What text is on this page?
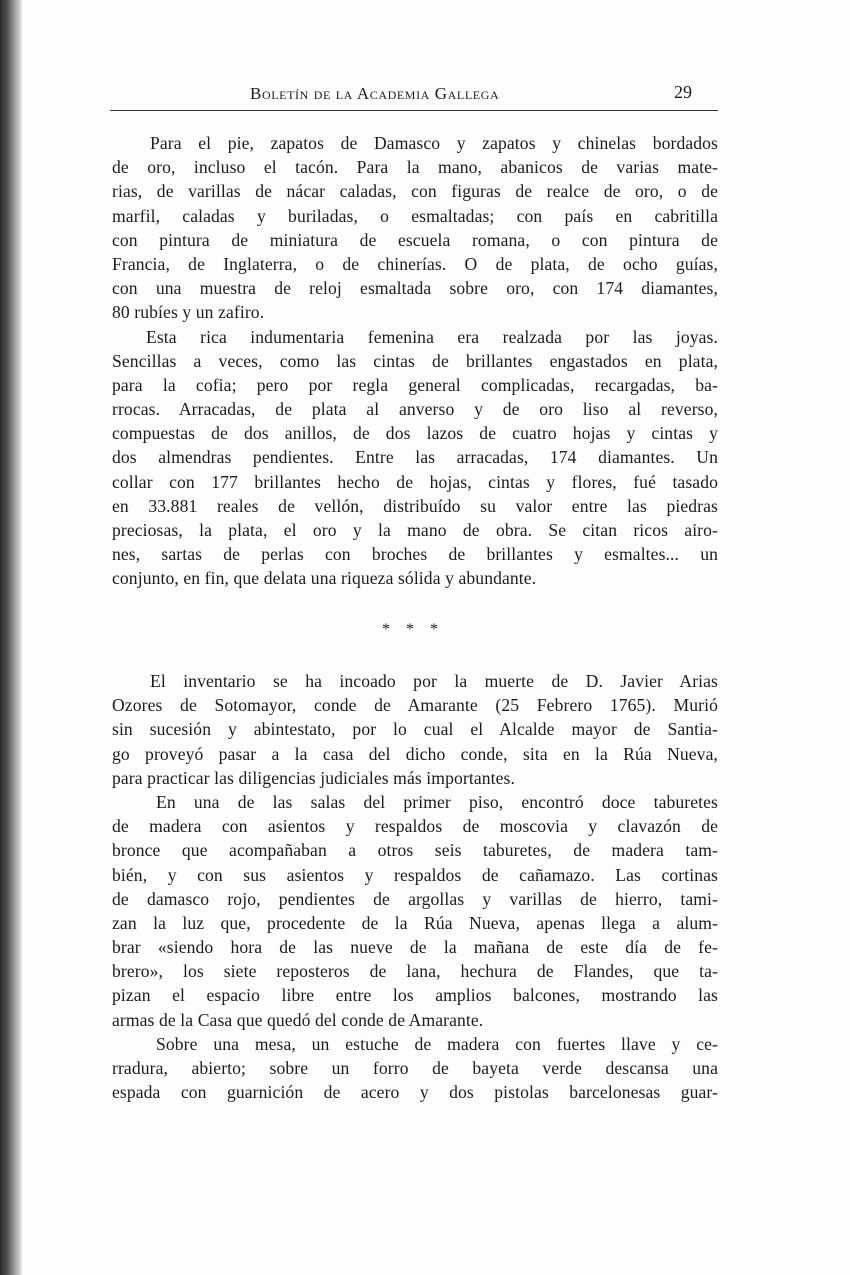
Boletín de la Academia Gallega	29
Para el pie, zapatos de Damasco y zapatos y chinelas bordados
de oro, incluso el tacón. Para la mano, abanicos de varias mate-
rias, de varillas de nácar caladas, con figuras de realce de oro, o de
marfil, caladas y buriladas, o esmaltadas; con país en cabritilla
con pintura de miniatura de escuela romana, o con pintura de
Francia, de Inglaterra, o de chinerías. O de plata, de ocho guías,
con una muestra de reloj esmaltada sobre oro, con 174 diamantes,
80 rubíes y un zafiro.
Esta rica indumentaria femenina era realzada por las joyas.
Sencillas a veces, como las cintas de brillantes engastados en plata,
para la cofia; pero por regla general complicadas, recargadas, ba-
rrocas. Arracadas, de plata al anverso y de oro liso al reverso,
compuestas de dos anillos, de dos lazos de cuatro hojas y cintas y
dos almendras pendientes. Entre las arracadas, 174 diamantes. Un
collar con 177 brillantes hecho de hojas, cintas y flores, fué tasado
en 33.881 reales de vellón, distribuído su valor entre las piedras
preciosas, la plata, el oro y la mano de obra. Se citan ricos airo-
nes, sartas de perlas con broches de brillantes y esmaltes... un
conjunto, en fin, que delata una riqueza sólida y abundante.
* * *
El inventario se ha incoado por la muerte de D. Javier Arias
Ozores de Sotomayor, conde de Amarante (25 Febrero 1765). Murió
sin sucesión y abintestato, por lo cual el Alcalde mayor de Santia-
go proveyó pasar a la casa del dicho conde, sita en la Rúa Nueva,
para practicar las diligencias judiciales más importantes.
En una de las salas del primer piso, encontró doce taburetes
de madera con asientos y respaldos de moscovia y clavazón de
bronce que acompañaban a otros seis taburetes, de madera tam-
bién, y con sus asientos y respaldos de cañamazo. Las cortinas
de damasco rojo, pendientes de argollas y varillas de hierro, tami-
zan la luz que, procedente de la Rúa Nueva, apenas llega a alum-
brar «siendo hora de las nueve de la mañana de este día de fe-
brero», los siete reposteros de lana, hechura de Flandes, que ta-
pizan el espacio libre entre los amplios balcones, mostrando las
armas de la Casa que quedó del conde de Amarante.
Sobre una mesa, un estuche de madera con fuertes llave y ce-
rradura, abierto; sobre un forro de bayeta verde descansa una
espada con guarnición de acero y dos pistolas barcelonesas guar-
